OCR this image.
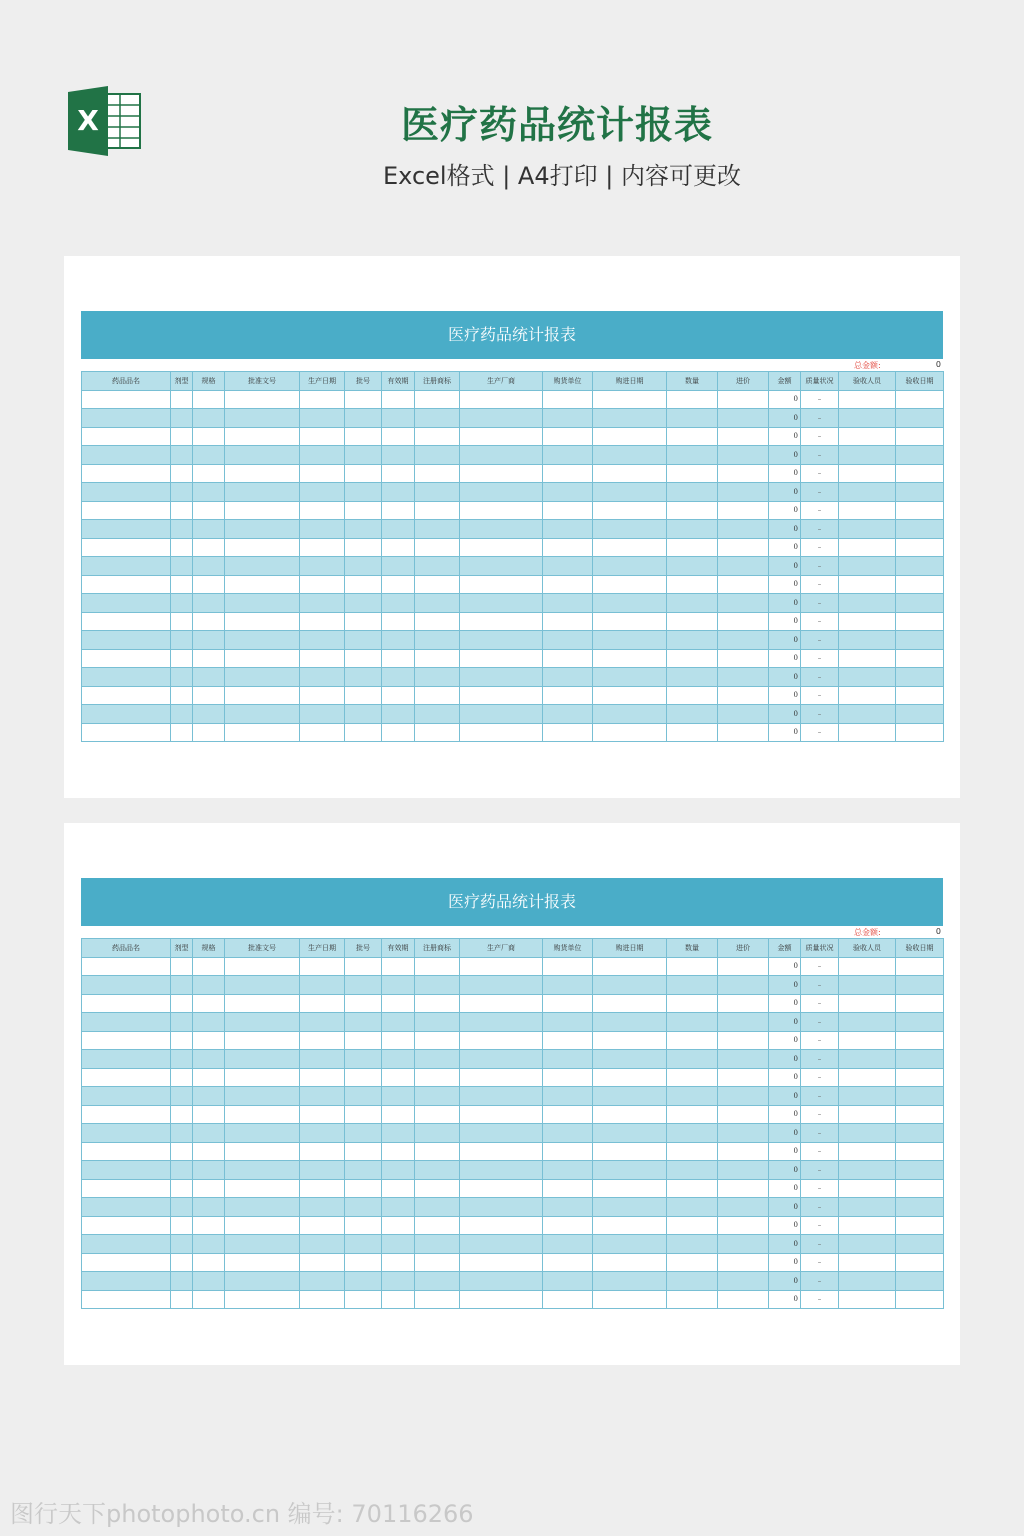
X	医疗药品统计报表
Excel格式 | A4打印 | 内容可更改
医疗药品统计报表
总金额:	0
药品品名	剂型	规格	批准文号	生产日期	批号	有效期	注册商标	生产厂商	购货单位	购进日期	数量	进价	金额	质量状况	验收人员	验收日期
													0	–		
													0	–		
													0	–		
													0	–		
													0	–		
													0	–		
													0	–		
													0	–		
													0	–		
													0	–		
													0	–		
													0	–		
													0	–		
													0	–		
													0	–		
													0	–		
													0	–		
													0	–		
													0	–		
医疗药品统计报表
总金额:	0
药品品名	剂型	规格	批准文号	生产日期	批号	有效期	注册商标	生产厂商	购货单位	购进日期	数量	进价	金额	质量状况	验收人员	验收日期
													0	–		
													0	–		
													0	–		
													0	–		
													0	–		
													0	–		
													0	–		
													0	–		
													0	–		
													0	–		
													0	–		
													0	–		
													0	–		
													0	–		
													0	–		
													0	–		
													0	–		
													0	–		
													0	–		
图行天下photophoto.cn 编号: 70116266
